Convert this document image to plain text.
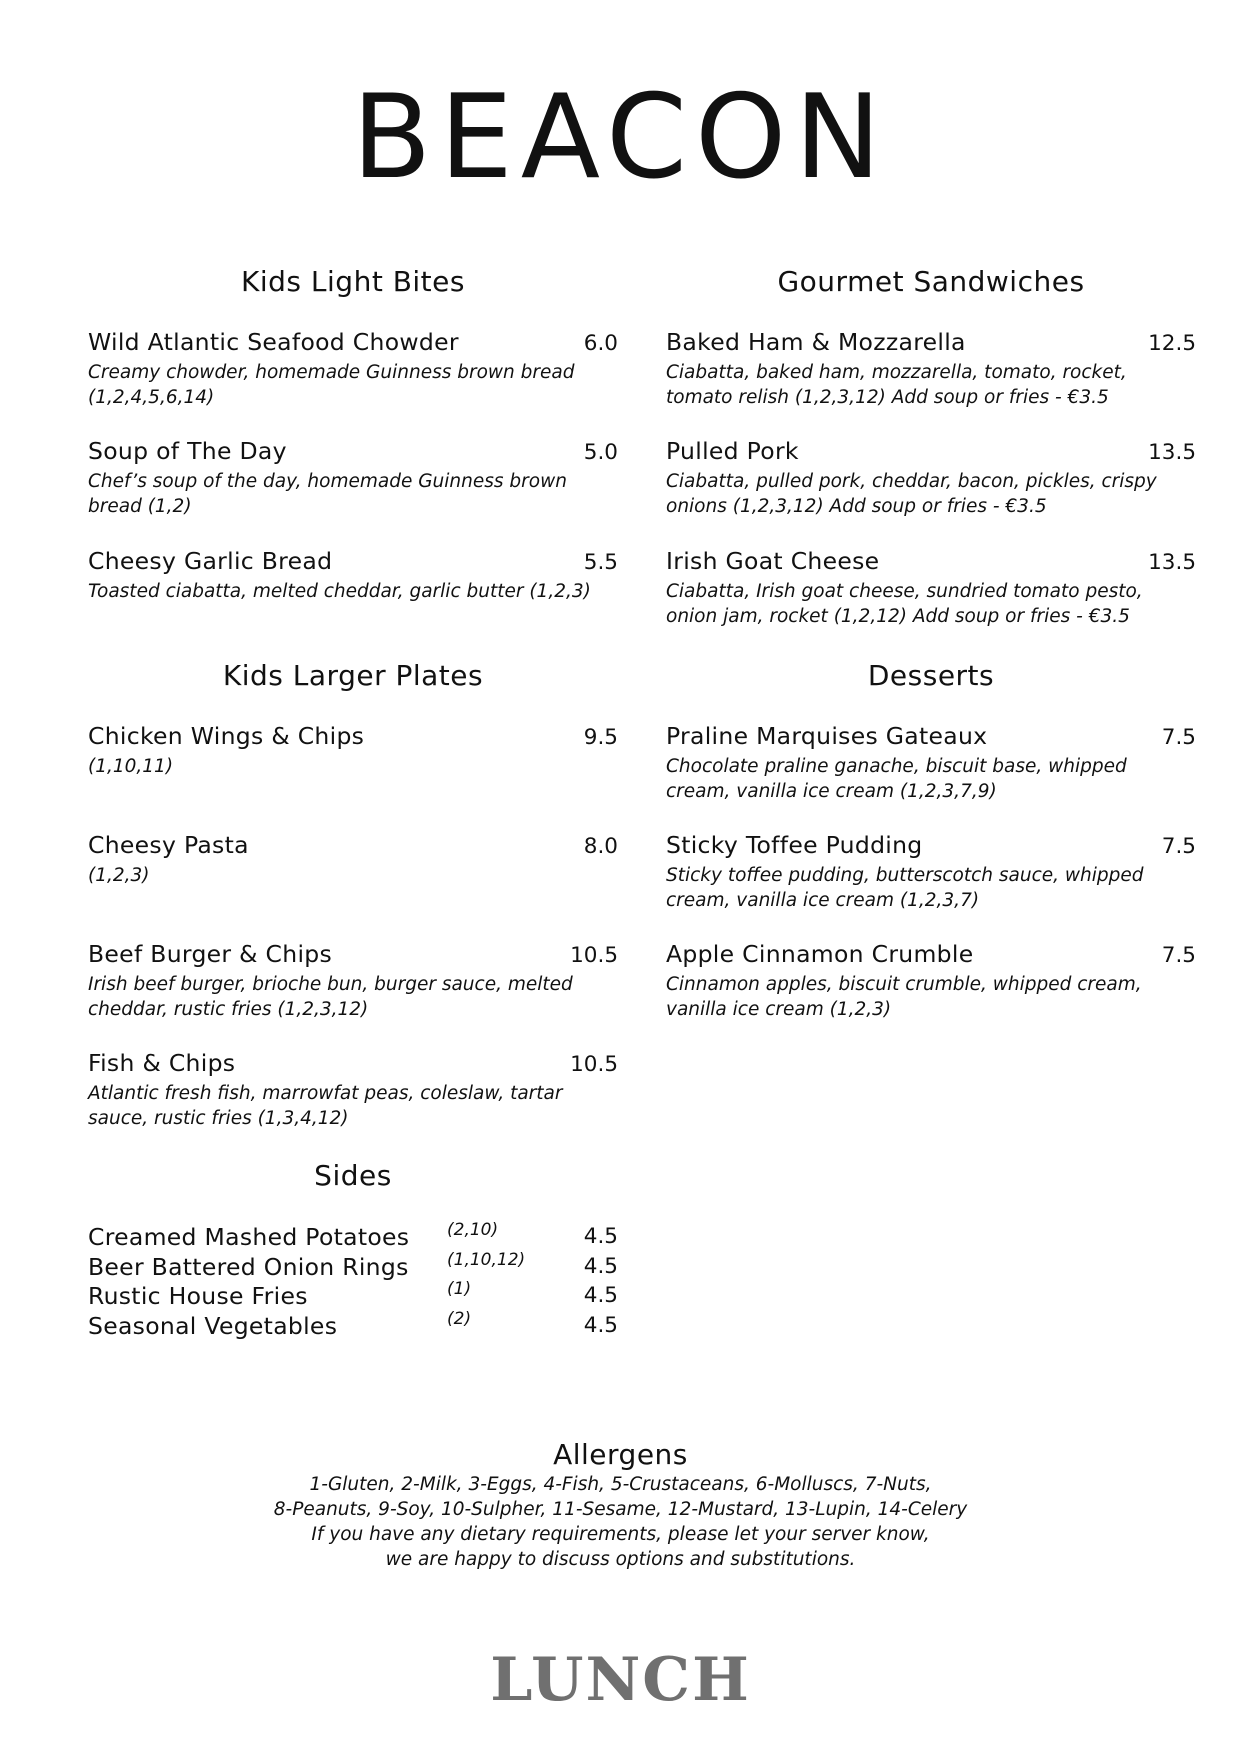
BEACON
Kids Light Bites
Wild Atlantic Seafood Chowder	6.0
Creamy chowder, homemade Guinness brown bread (1,2,4,5,6,14)
Soup of The Day	5.0
Chef’s soup of the day, homemade Guinness brown bread (1,2)
Cheesy Garlic Bread	5.5
Toasted ciabatta, melted cheddar, garlic butter (1,2,3)
Kids Larger Plates
Chicken Wings & Chips	9.5
(1,10,11)
Cheesy Pasta	8.0
(1,2,3)
Beef Burger & Chips	10.5
Irish beef burger, brioche bun, burger sauce, melted cheddar, rustic fries (1,2,3,12)
Fish & Chips	10.5
Atlantic fresh fish, marrowfat peas, coleslaw, tartar sauce, rustic fries (1,3,4,12)
Sides
Creamed Mashed Potatoes (2,10)	4.5
Beer Battered Onion Rings (1,10,12)	4.5
Rustic House Fries	(1)	4.5
Seasonal Vegetables	(2)	4.5
Gourmet Sandwiches
Baked Ham & Mozzarella	12.5
Ciabatta, baked ham, mozzarella, tomato, rocket, tomato relish (1,2,3,12) Add soup or fries - €3.5
Pulled Pork	13.5
Ciabatta, pulled pork, cheddar, bacon, pickles, crispy onions (1,2,3,12) Add soup or fries - €3.5
Irish Goat Cheese	13.5
Ciabatta, Irish goat cheese, sundried tomato pesto, onion jam, rocket (1,2,12) Add soup or fries - €3.5
Desserts
Praline Marquises Gateaux	7.5
Chocolate praline ganache, biscuit base, whipped cream, vanilla ice cream (1,2,3,7,9)
Sticky Toffee Pudding	7.5
Sticky toffee pudding, butterscotch sauce, whipped cream, vanilla ice cream (1,2,3,7)
Apple Cinnamon Crumble	7.5
Cinnamon apples, biscuit crumble, whipped cream, vanilla ice cream (1,2,3)
Allergens
1-Gluten, 2-Milk, 3-Eggs, 4-Fish, 5-Crustaceans, 6-Molluscs, 7-Nuts,
8-Peanuts, 9-Soy, 10-Sulpher, 11-Sesame, 12-Mustard, 13-Lupin, 14-Celery
If you have any dietary requirements, please let your server know,
we are happy to discuss options and substitutions.
LUNCH
